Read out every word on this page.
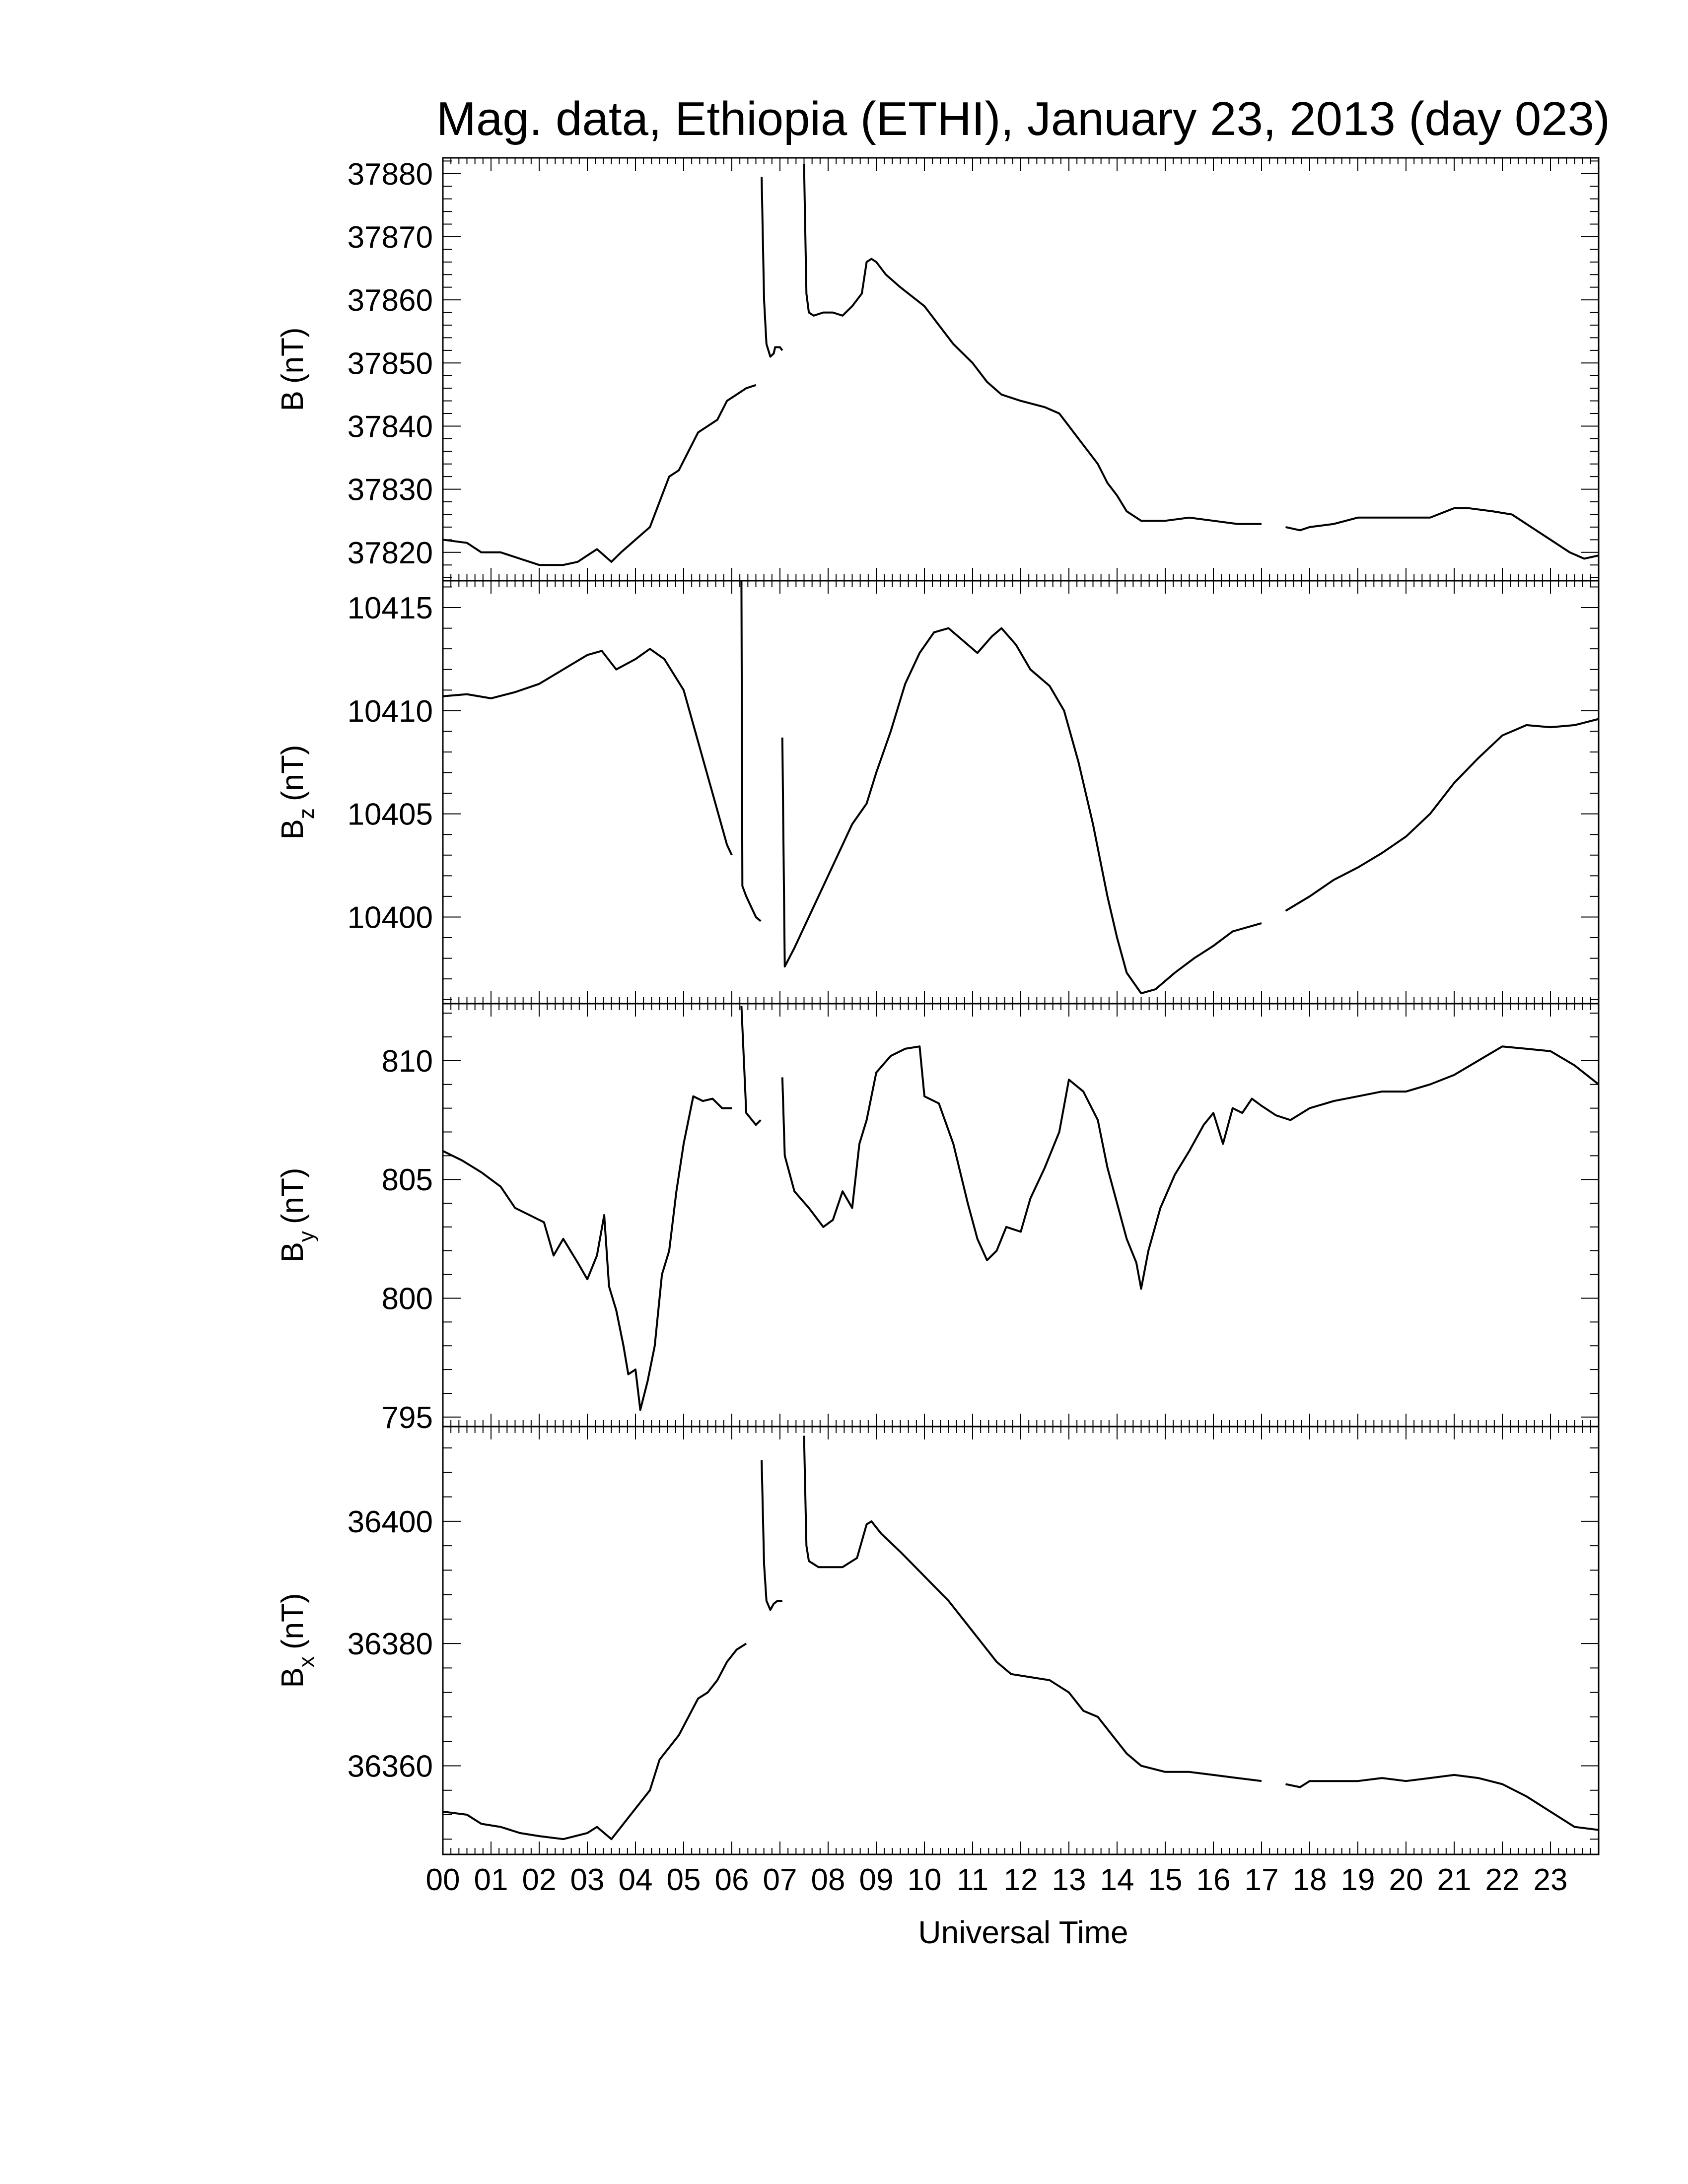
Mag. data, Ethiopia (ETHI), January 23, 2013 (day 023)
37820
37830
37840
37850
37860
37870
37880
B(nT)
10400
10405
10410
10415
$B_z(nT)$
795
800
805
810
$B_y(nT)$
36360
36380
36400
$B_x(nT)$
00 01 02 03 04 05 06 07 08 09 10 11 12 13 14 15 16 17 18 19 20 21 22 23
Universal Time
